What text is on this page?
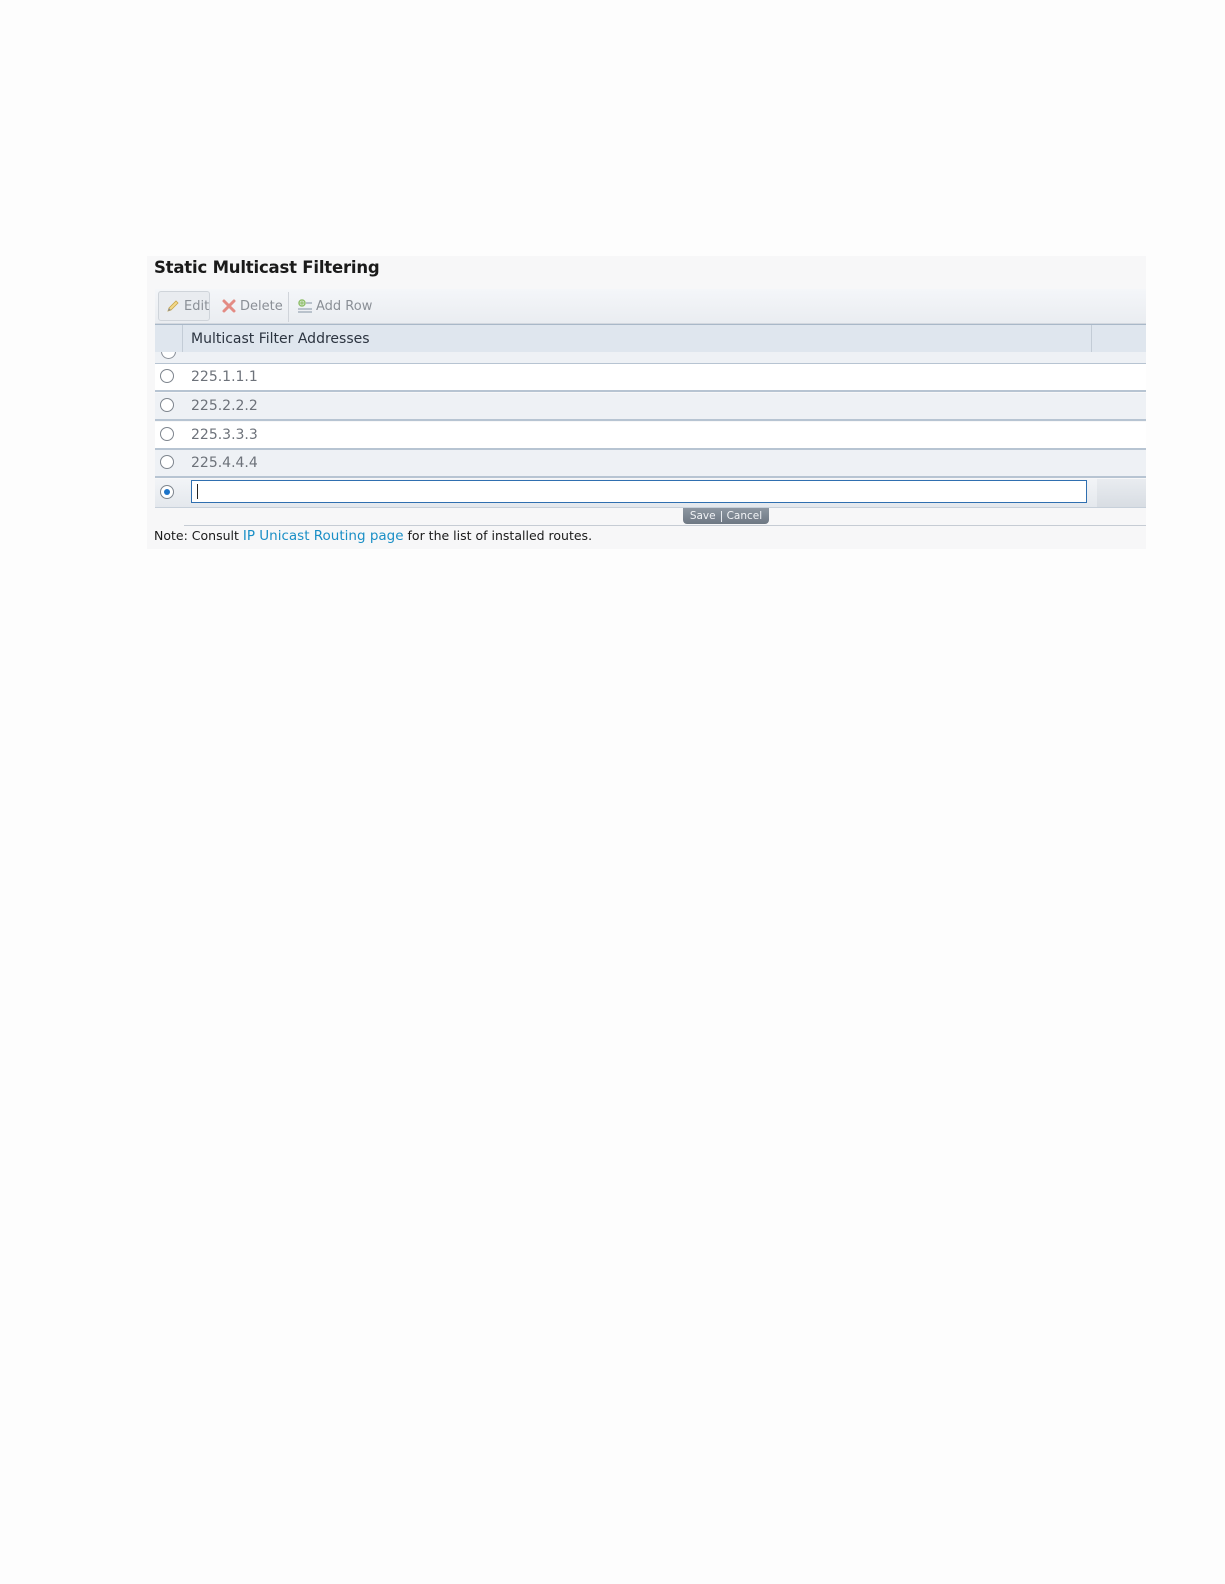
Static Multicast Filtering
Edit Delete	Add Row
Multicast Filter Addresses
225.1.1.1
225.2.2.2
225.3.3.3
225.4.4.4
Save Cancel
Note: Consult IP Unicast Routing page for the list of installed routes.
